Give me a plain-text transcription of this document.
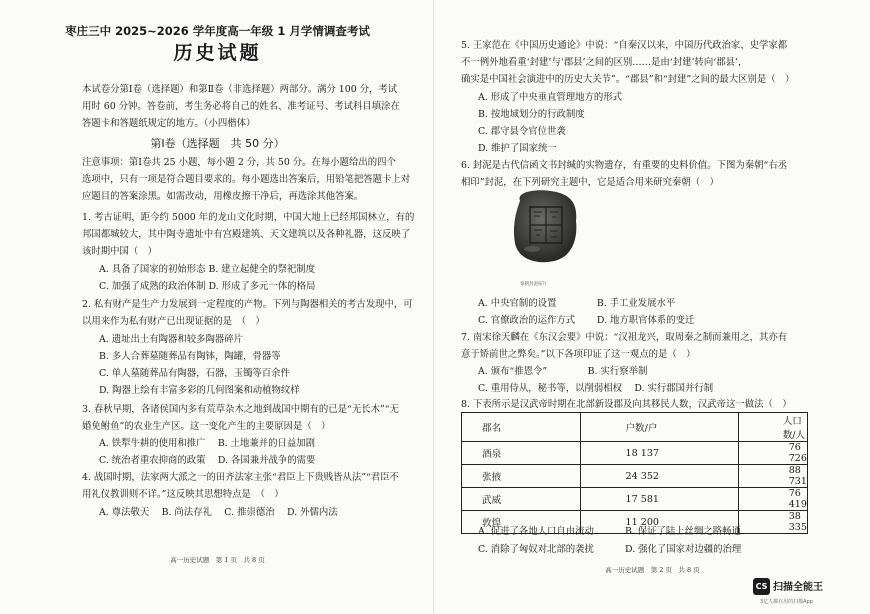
枣庄三中 2025~2026 学年度高一年级 1 月学情调查考试
历史试题
本试卷分第Ⅰ卷（选择题）和第Ⅱ卷（非选择题）两部分。满分 100 分，考试
用时 60 分钟。答卷前，考生务必将自己的姓名、准考证号、考试科目填涂在
答题卡和答题纸规定的地方。（小四楷体）
第Ⅰ卷（选择题　共 50 分）
注意事项：第Ⅰ卷共 25 小题，每小题 2 分，共 50 分。在每小题给出的四个
选项中，只有一项是符合题目要求的。每小题选出答案后，用铅笔把答题卡上对
应题目的答案涂黑。如需改动，用橡皮擦干净后，再选涂其他答案。
1. 考古证明，距今约 5000 年的龙山文化时期，中国大地上已经邦国林立，有的
邦国都城较大，其中陶寺遗址中有宫殿建筑、天文建筑以及各种礼器，这反映了
该时期中国（　）
A. 具备了国家的初始形态 B. 建立起健全的祭祀制度
C. 加强了成熟的政治体制 D. 形成了多元一体的格局
2. 私有财产是生产力发展到一定程度的产物。下列与陶器相关的考古发现中，可
以用来作为私有财产已出现证据的是　（　）
A. 遗址出土有陶器和较多陶器碎片
B. 多人合葬墓随葬品有陶钵，陶罐，骨器等
C. 单人墓随葬品有陶器，石器，玉镯等百余件
D. 陶器上绘有丰富多彩的几何图案和动植物纹样
3. 春秋早期，各诸侯国内多有荒草杂木之地到战国中期有的已是“无长木”“无
婚免鲋鱼”的农业生产区。这一变化产生的主要原因是（　）
A. 铁犁牛耕的使用和推广　 B. 土地兼并的日益加剧
C. 统治者重农抑商的政策　 D. 各国兼并战争的需要
4. 战国时期，法家两大派之一的田齐法家主张“君臣上下贵贱皆从法”“君臣不
用礼仪教训则不详。”这反映其思想特点是　（　）
A. 尊法敬天　 B. 尚法存礼　 C. 推崇德治　 D. 外儒内法
高一历史试题　第 1 页　共 8 页
5. 王家范在《中国历史通论》中说：“自秦汉以来，中国历代政治家、史学家都
不一例外地看重‘封建’与‘郡县’之间的区别……是由‘封建’转向‘郡县’，
确实是中国社会演进中的历史大关节”。“郡县”和“封建”之间的最大区别是（　）
A. 形成了中央垂直管理地方的形式
B. 按地域划分的行政制度
C. 郡守县令官位世袭
D. 维护了国家统一
6. 封泥是古代信函文书封缄的实物遗存，有重要的史料价值。下图为秦朝“右丞
相印”封泥，在下列研究主题中，它是适合用来研究秦朝（　）
秦朝封泥拓片
A. 中央官制的设置　　　　 B. 手工业发展水平
C. 官僚政治的运作方式　　 D. 地方职官体系的变迁
7. 南宋徐天麟在《东汉会要》中说：“汉祖龙兴，取周秦之制而兼用之，其亦有
意于矫前世之弊矣。”以下各项印证了这一观点的是（　）
A. 颁布“推恩令”　　　　 B. 实行察举制
C. 重用侍从，秘书等，以削弱相权　 D. 实行郡国并行制
8. 下表所示是汉武帝时期在北部新设郡及向其移民人数，汉武帝这一做法（　）
郡名	户数/户	人口数/人
酒泉	18 137	76 726
张掖	24 352	88 731
武威	17 581	76 419
敦煌	11 200	38 335
A. 促进了各地人口自由流动　　　 B. 保证了陆上丝绸之路畅通
C. 消除了匈奴对北部的袭扰　　　 D. 强化了国家对边疆的治理
高一历史试题　第 2 页　共 8 页
CS 扫描全能王
3亿人都在用的扫描App
